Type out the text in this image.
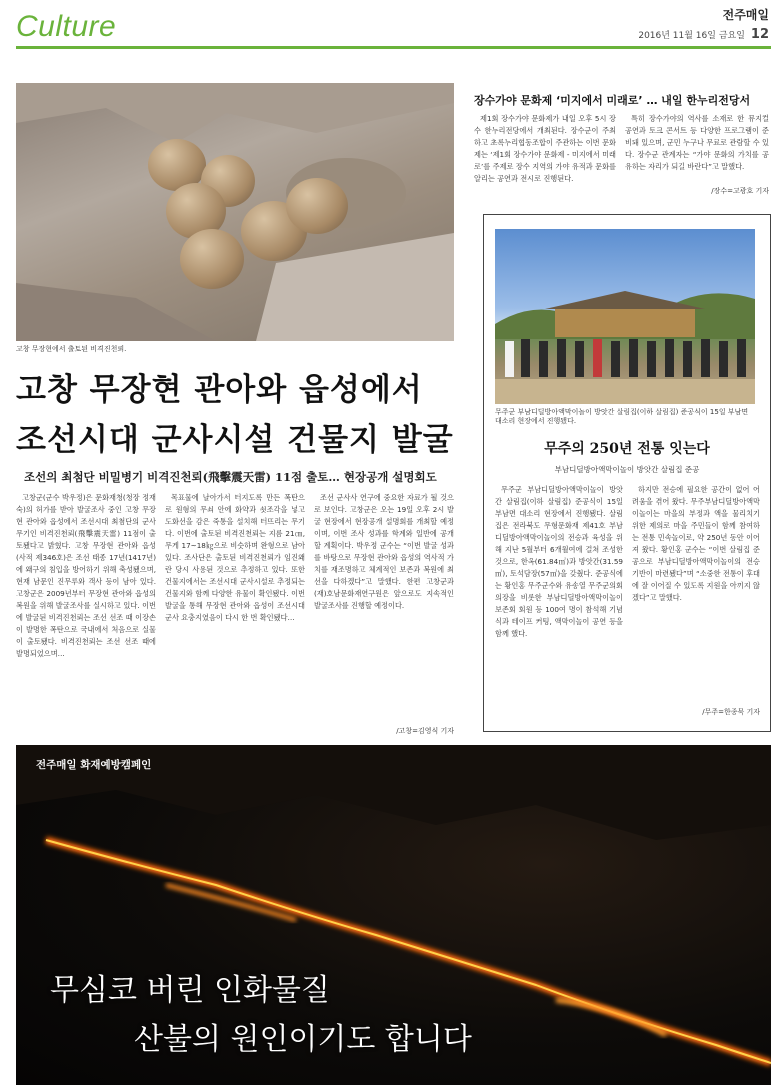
Culture	전주매일
2016년 11월 16일 금요일 12
고창 무장현에서 출토된 비격진천뢰.
고창 무장현 관아와 읍성에서
조선시대 군사시설 건물지 발굴
조선의 최첨단 비밀병기 비격진천뢰(飛擊震天雷) 11점 출토… 현장공개 설명회도

고창군(군수 박우정)은 문화재청(청장 정재숙)의 허가를 받아 발굴조사 중인 고창 무장현 관아와 읍성에서 조선시대 최첨단의 군사 무기인 비격진천뢰(飛擊震天雷) 11점이 출토됐다고 밝혔다. 고창 무장현 관아와 읍성(사적 제346호)은 조선 태종 17년(1417년)에 왜구의 침입을 방어하기 위해 축성됐으며, 현재 남문인 진무루와 객사 등이 남아 있다. 고창군은 2009년부터 무장현 관아와 읍성의 복원을 위해 발굴조사를 실시하고 있다. 이번에 발굴된 비격진천뢰는 조선 선조 때 이장손이 발명한 폭탄으로 국내에서 처음으로 실물이 출토됐다. 비격진천뢰는 조선 선조 때에 발명되었으며…

목표물에 날아가서 터지도록 만든 폭탄으로 원형의 무쇠 안에 화약과 쇳조각을 넣고 도화선을 감은 죽통을 설치해 터뜨리는 무기다. 이번에 출토된 비격진천뢰는 지름 21㎝, 무게 17~18㎏으로 비슷하며 완형으로 남아 있다. 조사단은 출토된 비격진천뢰가 임진왜란 당시 사용된 것으로 추정하고 있다. 또한 건물지에서는 조선시대 군사시설로 추정되는 건물지와 함께 다양한 유물이 확인됐다. 이번 발굴을 통해 무장현 관아와 읍성이 조선시대 군사 요충지였음이 다시 한 번 확인됐다…

조선 군사사 연구에 중요한 자료가 될 것으로 보인다. 고창군은 오는 19일 오후 2시 발굴 현장에서 현장공개 설명회를 개최할 예정이며, 이번 조사 성과를 학계와 일반에 공개할 계획이다. 박우정 군수는 “이번 발굴 성과를 바탕으로 무장현 관아와 읍성의 역사적 가치를 재조명하고 체계적인 보존과 복원에 최선을 다하겠다”고 말했다. 한편 고창군과 (재)호남문화재연구원은 앞으로도 지속적인 발굴조사를 진행할 예정이다.

/고창=김영식 기자
장수가야 문화제 ‘미지에서 미래로’ … 내일 한누리전당서

제1회 장수가야 문화제가 내일 오후 5시 장수 한누리전당에서 개최된다. 장수군이 주최하고 초록누리협동조합이 주관하는 이번 문화제는 ‘제1회 장수가야 문화제 - 미지에서 미래로’를 주제로 장수 지역의 가야 유적과 문화를 알리는 공연과 전시로 진행된다.

특히 장수가야의 역사를 소재로 한 뮤지컬 공연과 토크 콘서트 등 다양한 프로그램이 준비돼 있으며, 군민 누구나 무료로 관람할 수 있다. 장수군 관계자는 “가야 문화의 가치를 공유하는 자리가 되길 바란다”고 말했다.

/장수=고광호 기자
무주군 부남디딜방아액막이놀이 방앗간 살림집(이하 살림집) 준공식이 15일 부남면 대소리 현장에서 진행됐다.
무주의 250년 전통 잇는다
부남디딜방아액막이놀이 방앗간 살림집 준공

무주군 부남디딜방아액막이놀이 방앗간 살림집(이하 살림집) 준공식이 15일 부남면 대소리 현장에서 진행됐다. 살림집은 전라북도 무형문화재 제41호 부남디딜방아액막이놀이의 전승과 육성을 위해 지난 5월부터 6개월여에 걸쳐 조성한 것으로, 한옥(61.84㎡)과 방앗간(31.59㎡), 토석담장(57㎡)을 갖췄다. 준공식에는 황인홍 무주군수와 유송열 무주군의회 의장을 비롯한 부남디딜방아액막이놀이 보존회 회원 등 100여 명이 참석해 기념식과 테이프 커팅, 액막이놀이 공연 등을 함께 했다.

하지만 전승에 필요한 공간이 없어 어려움을 겪어 왔다. 무주부남디딜방아액막이놀이는 마을의 부정과 액을 물리치기 위한 제의로 마을 주민들이 함께 참여하는 전통 민속놀이로, 약 250년 동안 이어져 왔다. 황인홍 군수는 “이번 살림집 준공으로 부남디딜방아액막이놀이의 전승 기반이 마련됐다”며 “소중한 전통이 후대에 잘 이어질 수 있도록 지원을 아끼지 않겠다”고 말했다.

/무주=한종묵 기자
전주매일 화재예방캠페인
무심코 버린 인화물질
산불의 원인이기도 합니다
